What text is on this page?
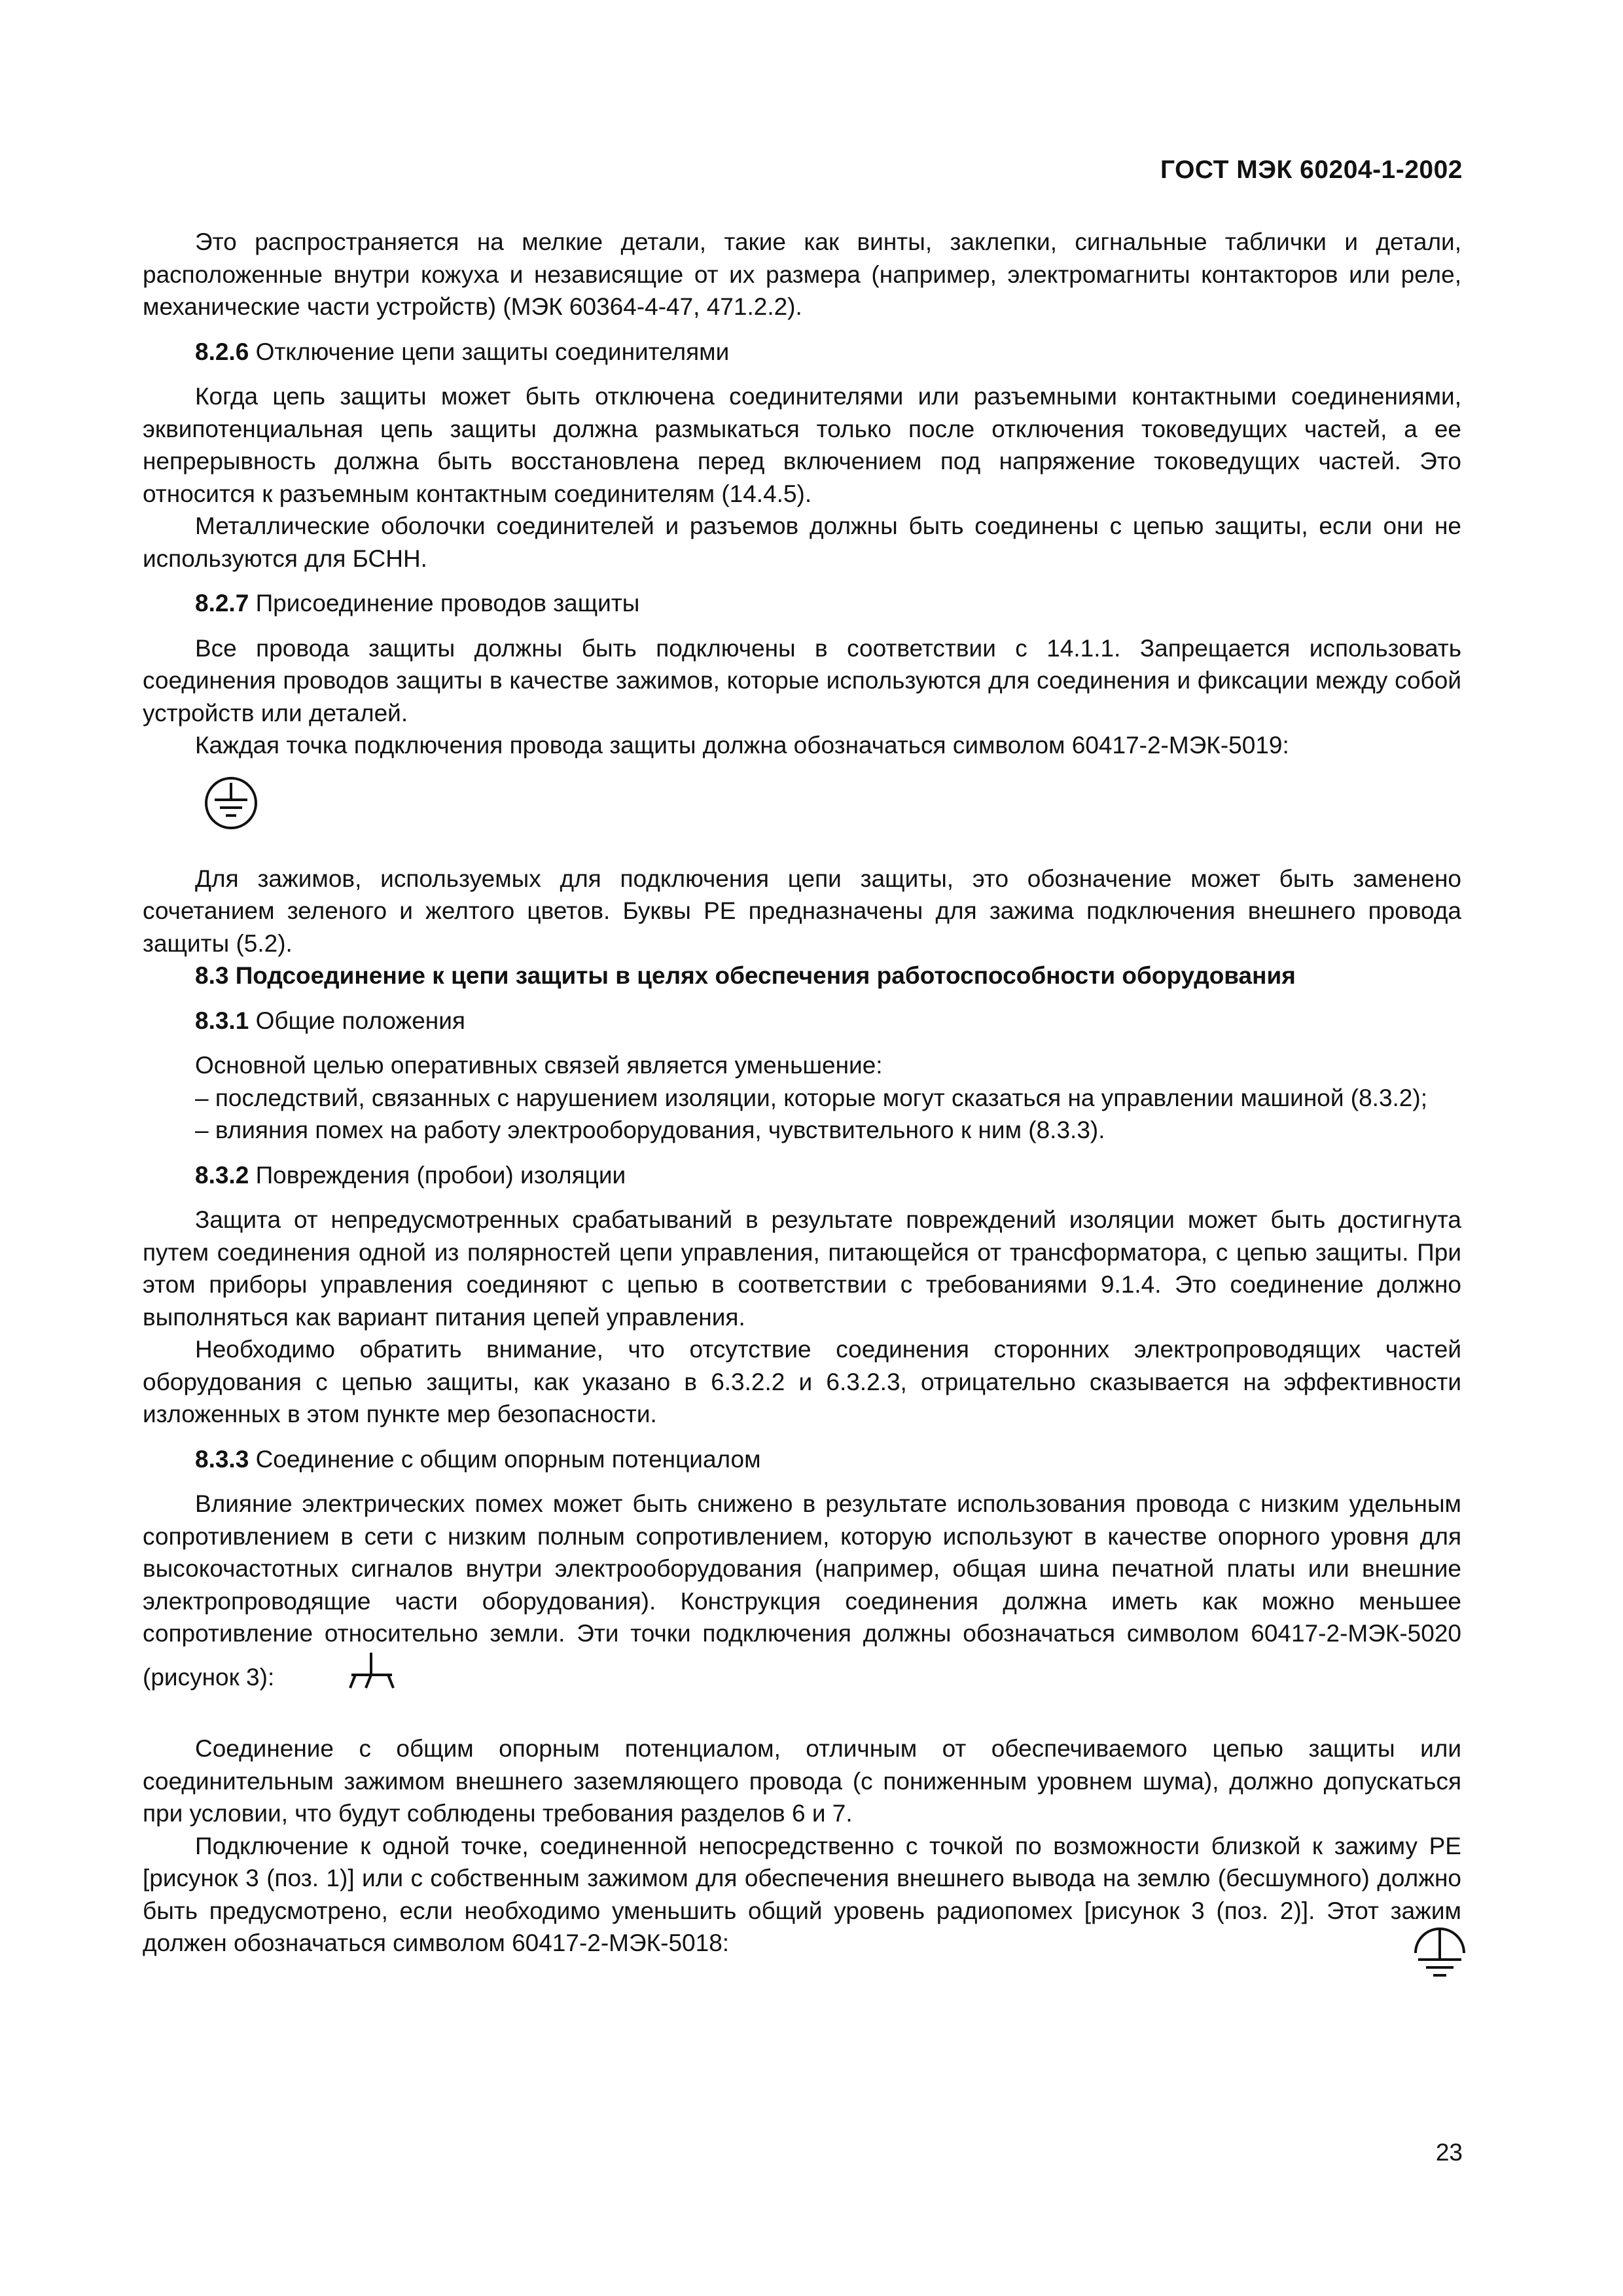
ГОСТ МЭК 60204-1-2002

Это распространяется на мелкие детали, такие как винты, заклепки, сигнальные таблички и детали, расположенные внутри кожуха и независящие от их размера (например, электромагниты контакторов или реле, механические части устройств) (МЭК 60364-4-47, 471.2.2).

8.2.6 Отключение цепи защиты соединителями

Когда цепь защиты может быть отключена соединителями или разъемными контактными соединениями, эквипотенциальная цепь защиты должна размыкаться только после отключения токоведущих частей, а ее непрерывность должна быть восстановлена перед включением под напряжение токоведущих частей. Это относится к разъемным контактным соединителям (14.4.5).

Металлические оболочки соединителей и разъемов должны быть соединены с цепью защиты, если они не используются для БСНН.

8.2.7 Присоединение проводов защиты

Все провода защиты должны быть подключены в соответствии с 14.1.1. Запрещается использовать соединения проводов защиты в качестве зажимов, которые используются для соединения и фиксации между собой устройств или деталей.

Каждая точка подключения провода защиты должна обозначаться символом 60417-2-МЭК-5019:

Для зажимов, используемых для подключения цепи защиты, это обозначение может быть заменено сочетанием зеленого и желтого цветов. Буквы РЕ предназначены для зажима подключения внешнего провода защиты (5.2).

8.3 Подсоединение к цепи защиты в целях обеспечения работоспособности оборудования

8.3.1 Общие положения

Основной целью оперативных связей является уменьшение:

– последствий, связанных с нарушением изоляции, которые могут сказаться на управлении машиной (8.3.2);

– влияния помех на работу электрооборудования, чувствительного к ним (8.3.3).

8.3.2 Повреждения (пробои) изоляции

Защита от непредусмотренных срабатываний в результате повреждений изоляции может быть достигнута путем соединения одной из полярностей цепи управления, питающейся от трансформатора, с цепью защиты. При этом приборы управления соединяют с цепью в соответствии с требованиями 9.1.4. Это соединение должно выполняться как вариант питания цепей управления.

Необходимо обратить внимание, что отсутствие соединения сторонних электропроводящих частей оборудования с цепью защиты, как указано в 6.3.2.2 и 6.3.2.3, отрицательно сказывается на эффективности изложенных в этом пункте мер безопасности.

8.3.3 Соединение с общим опорным потенциалом

Влияние электрических помех может быть снижено в результате использования провода с низким удельным сопротивлением в сети с низким полным сопротивлением, которую используют в качестве опорного уровня для высокочастотных сигналов внутри электрооборудования (например, общая шина печатной платы или внешние электропроводящие части оборудования). Конструкция соединения должна иметь как можно меньшее сопротивление относительно земли. Эти точки подключения должны обозначаться символом 60417-2-МЭК-5020 (рисунок 3):

Соединение с общим опорным потенциалом, отличным от обеспечиваемого цепью защиты или соединительным зажимом внешнего заземляющего провода (с пониженным уровнем шума), должно допускаться при условии, что будут соблюдены требования разделов 6 и 7.

Подключение к одной точке, соединенной непосредственно с точкой по возможности близкой к зажиму РЕ [рисунок 3 (поз. 1)] или с собственным зажимом для обеспечения внешнего вывода на землю (бесшумного) должно быть предусмотрено, если необходимо уменьшить общий уровень радиопомех [рисунок 3 (поз. 2)]. Этот зажим должен обозначаться символом 60417-2-МЭК-5018:

23
